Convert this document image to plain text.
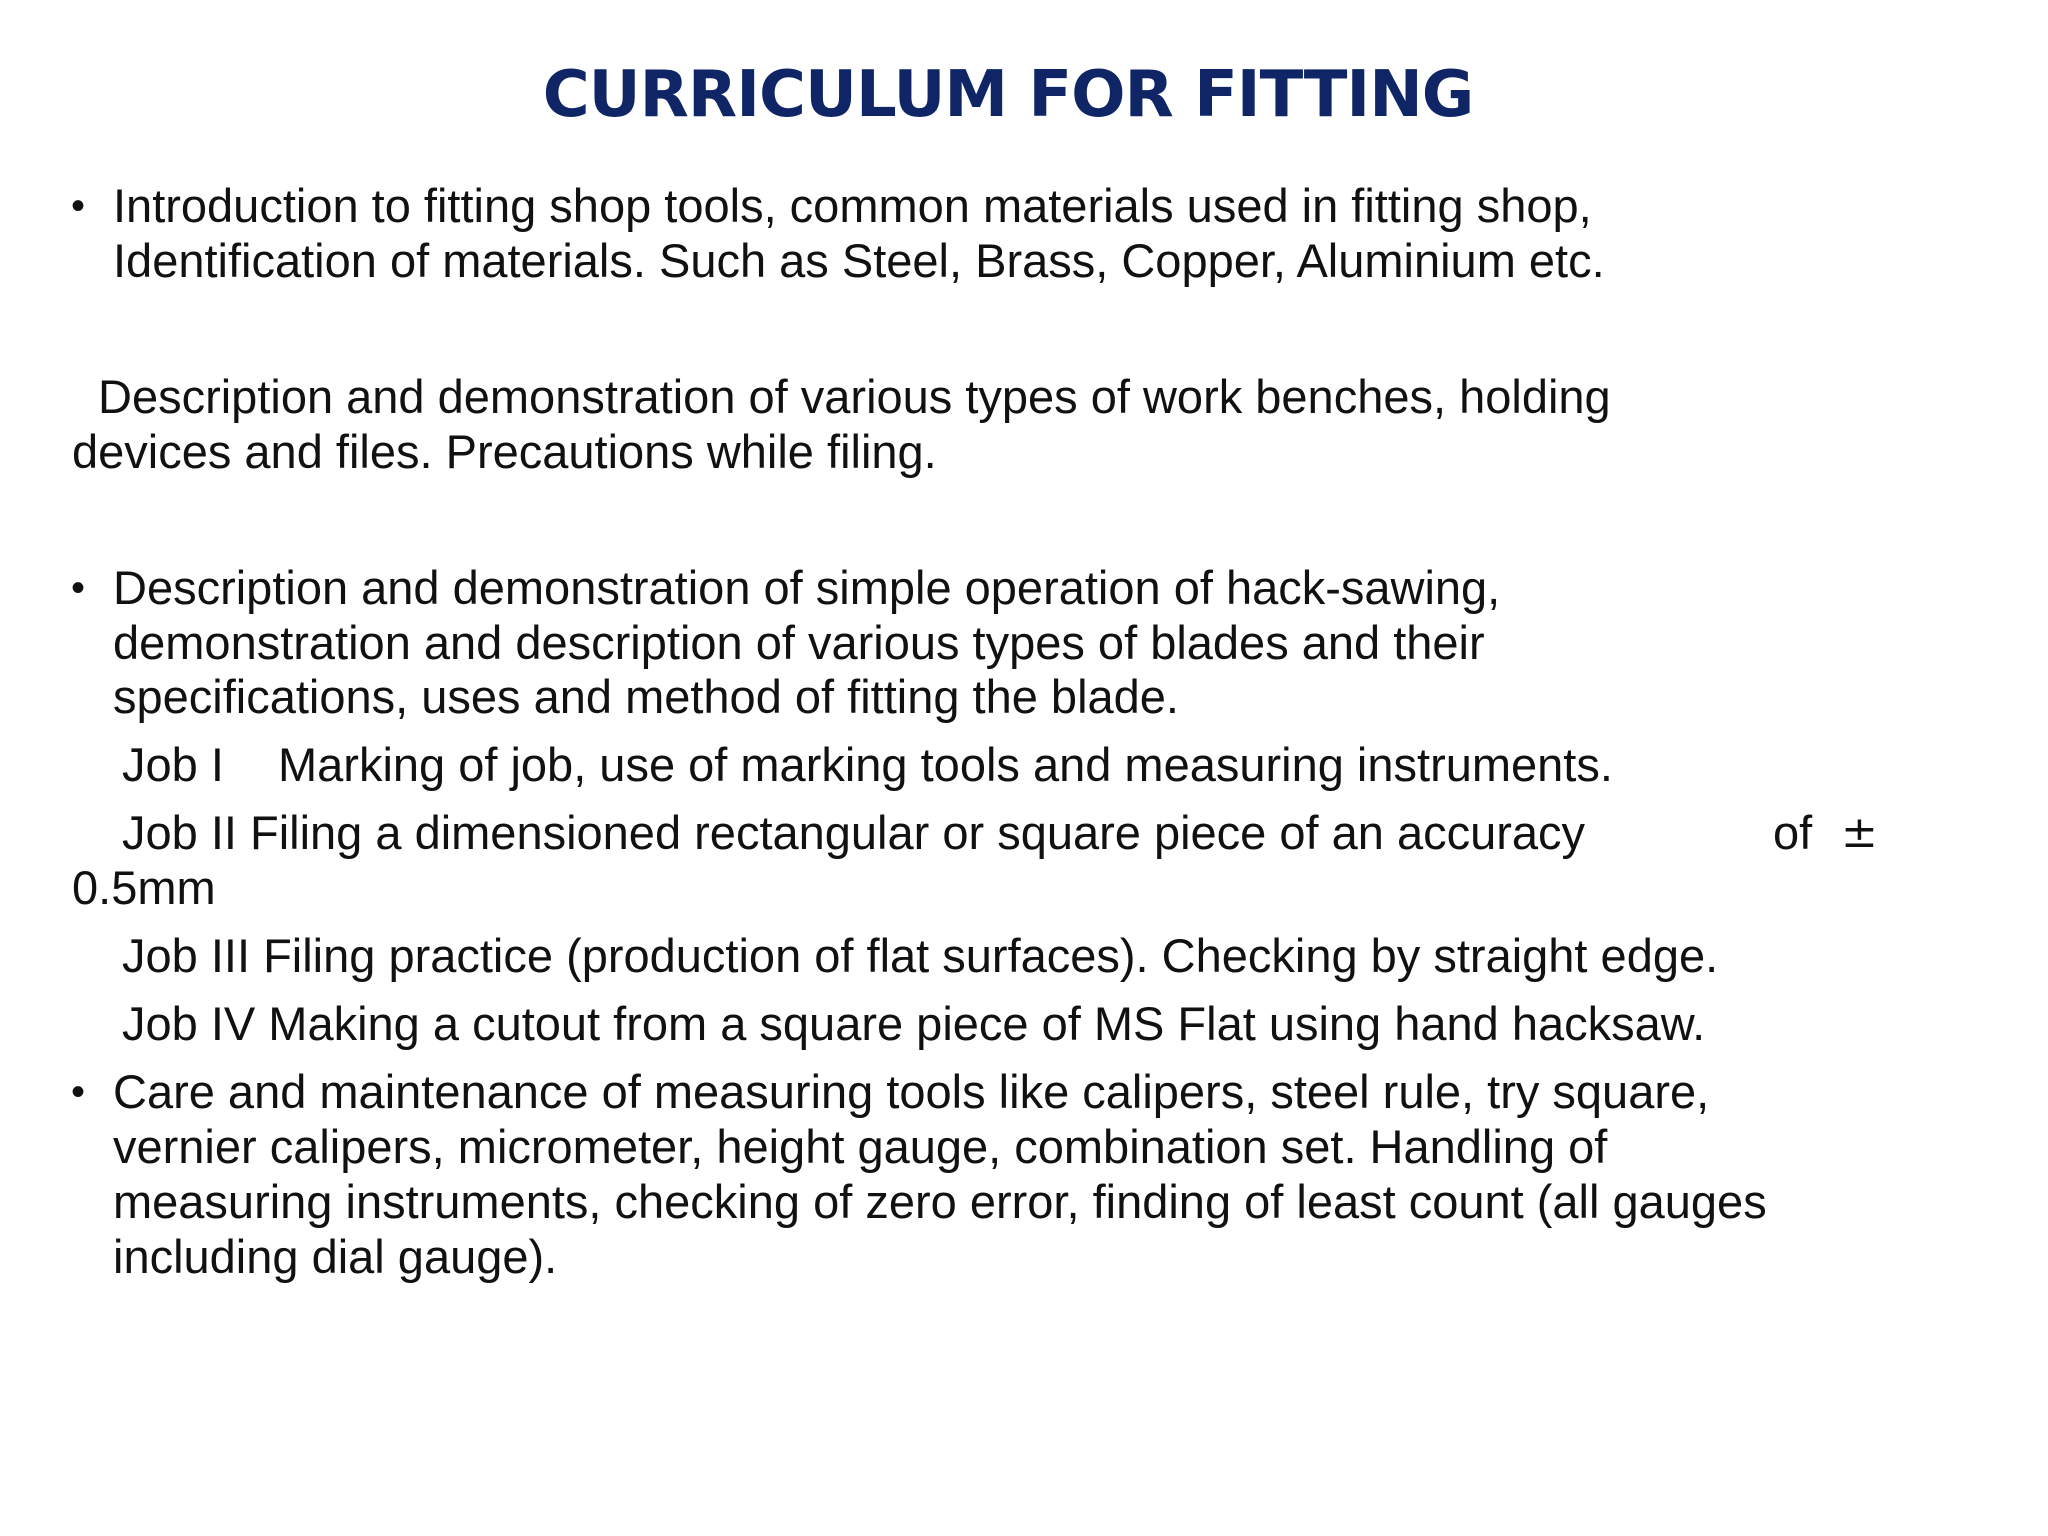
CURRICULUM FOR FITTING
• Introduction to fitting shop tools, common materials used in fitting shop,
Identification of materials. Such as Steel, Brass, Copper, Aluminium etc.
Description and demonstration of various types of work benches, holding
devices and files. Precautions while filing.
• Description and demonstration of simple operation of hack-sawing,
demonstration and description of various types of blades and their
specifications, uses and method of fitting the blade.
Job I Marking of job, use of marking tools and measuring instruments.
Job II Filing a dimensioned rectangular or square piece of an accuracy	of ±
0.5mm
Job III Filing practice (production of flat surfaces). Checking by straight edge.
Job IV Making a cutout from a square piece of MS Flat using hand hacksaw.
• Care and maintenance of measuring tools like calipers, steel rule, try square,
vernier calipers, micrometer, height gauge, combination set. Handling of
measuring instruments, checking of zero error, finding of least count (all gauges
including dial gauge).
